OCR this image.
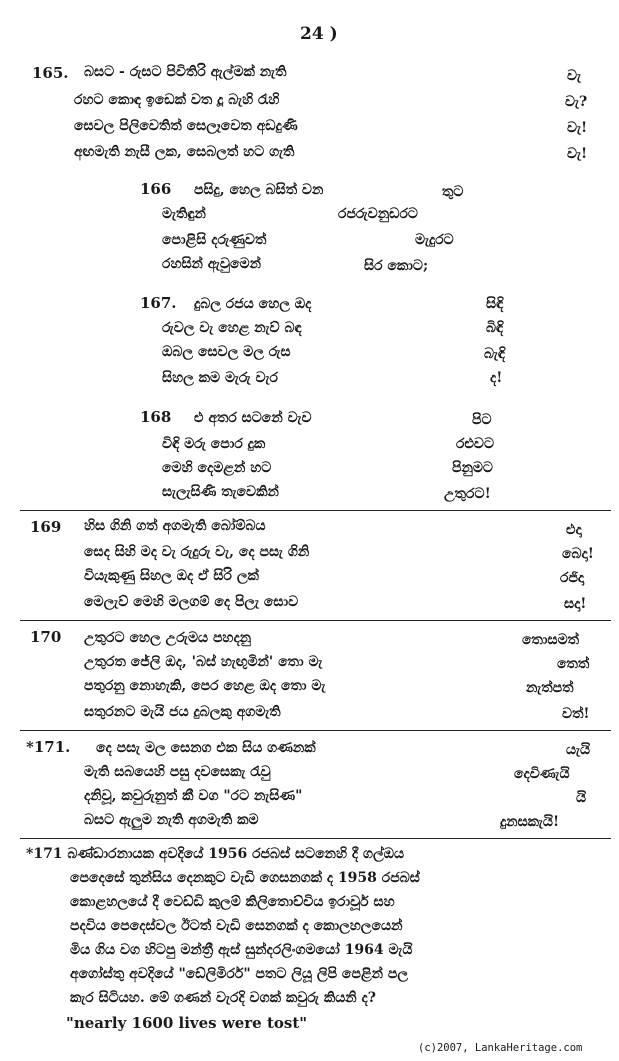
24 )
165. බසට - රුසට පිවිතිරි ඇල්මක් නැති	වැ
රහට කොඳ ඉඩෙක් වත දූ බැහි රැහි	වැ?
සෙවල පිලිවෙතිත් සෙලෑවෙත අඩදුණි	වැ!
අඟමැති නැසී ලක, සෙබලත් හට ගැති	වැ!
166 පසිදු, හෙල බසිත් වන	තුට
මැතිඳුන්	රජරුවනුඩරට
පොළිසි දරුණුවත්	මැදුරට
රහසින් ඇවුමෙන්	සිර කොට;
167. දුබල රජය හෙල ඔද	සිඳි
රුවල වැ හෙළ නැව් බඳ	බිඳි
ඔබල සෙවල මල රුස	බැඳි
සිහල කම මැරු වැර	ද!
168 එ අතර සටනේ වැව	පිට
විඳි මරු පොර දුක	රළුවට
මෙහි දෙමළන් හට	පිනුමට
සැලැසිණි තැවෙකින්	උතුරට!
169 හිස ගිනි ගත් අගමැති බෝම්බය	එදා
සෙද සිහි මද වැ රුදුරු වැ, දෙ පසැ ගිනි	බෙදා!
වියැකුණු සිහල ඔද ඒ සිරි ලක්	රජිදා
මෙලැව් මෙහි මලගම් දෙ පිලැ සොව	සදා!
170 උතුරට හෙල උරුමය පහදනු	තොසමත්
උතුරත ජේලි ඔද, 'බස් හැඟුමින්' තො මැ	තෙත්
පතුරනු නොහැකි, පෙර හෙළ ඔද තො මැ	නැත්පත්
සතුරනට මැයි ජය දුබලකු අගමැති	වත්!
*171. දෙ පසැ මල සෙනග එක සිය ගණනක්	යැයි
මැති සබයෙහි පසු දවසෙකැ රැවු	දෙවිණැයි
දනිවූ, කවුරුනුත් කී වග "රට නැසිණ"	යි
බසට ඇලුම නැති අගමැති කම	දුනසකැයි!
*171 බණ්ඩාරනායක අවදියේ 1956 රජබස් සටනෙහි දී ගල්ඔය
පෙදෙසේ තුන්සිය දෙනකුට වැඩි ගෙසනගක් ද 1958 රජබස්
කොළහලයේ දී වෙඩ්ඩි කුලම් කිලිතොච්චිය ඉරාවූර් සහ
පදවිය පෙදෙස්වල ඊටත් වැඩි සෙනගක් ද කොලහලයෙන්
මිය ගිය වග හිටපු මන්ත්‍රී ඇස් සුන්දරලිංගමයෝ 1964 මැයි
අගෝස්තු අවදියේ "ඩේලිමිරර්" පතට ලියූ ලිපි පෙළින් පල
කැර සිටියහ. මේ ගණන් වැරදි වගක් කවුරු කියනි ද?
"nearly 1600 lives were tost"
(c)2007, LankaHeritage.com
